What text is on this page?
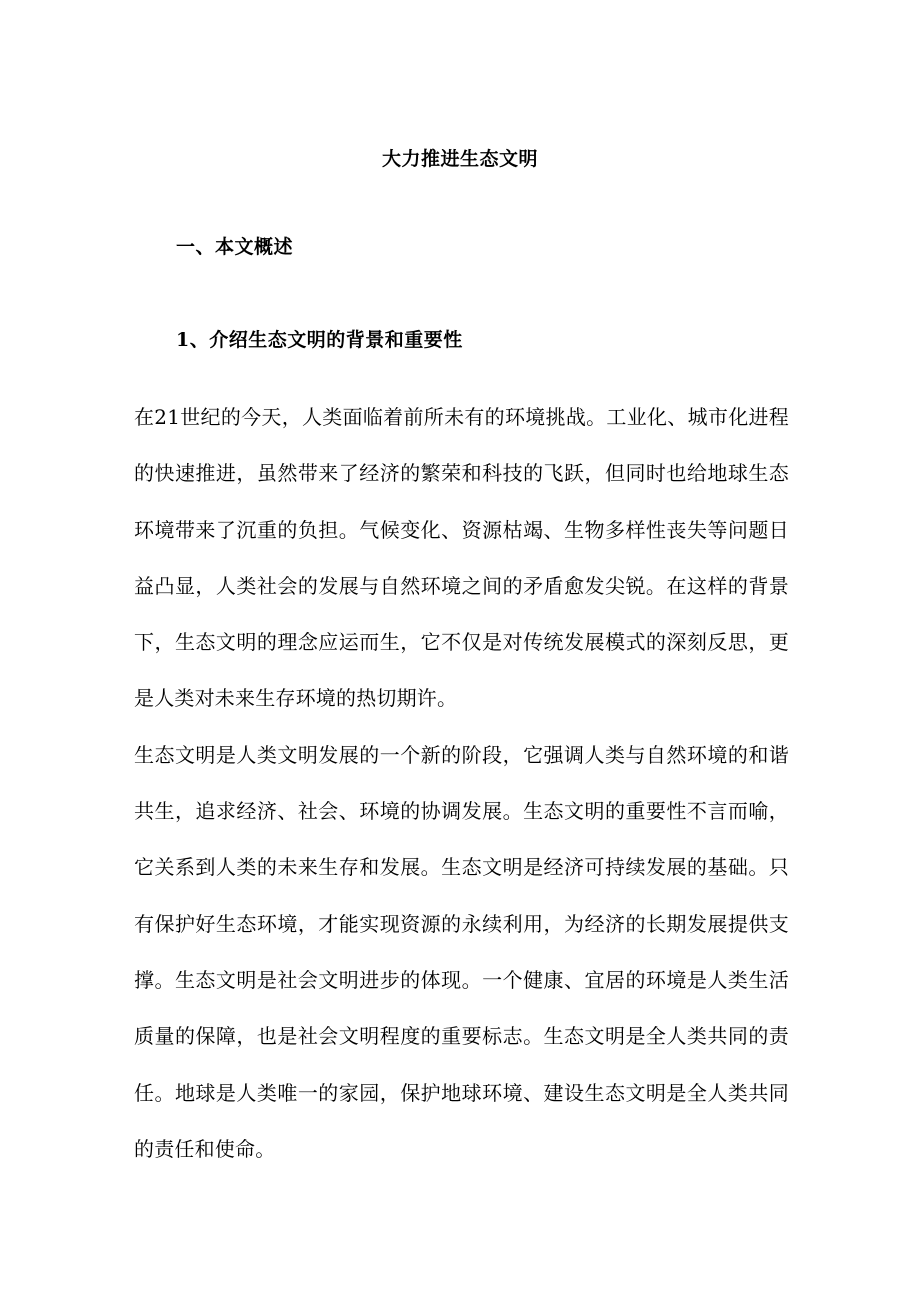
大力推进生态文明
一、本文概述
1、介绍生态文明的背景和重要性

在21世纪的今天，人类面临着前所未有的环境挑战。工业化、城市化进程的快速推进，虽然带来了经济的繁荣和科技的飞跃，但同时也给地球生态环境带来了沉重的负担。气候变化、资源枯竭、生物多样性丧失等问题日益凸显，人类社会的发展与自然环境之间的矛盾愈发尖锐。在这样的背景下，生态文明的理念应运而生，它不仅是对传统发展模式的深刻反思，更是人类对未来生存环境的热切期许。

生态文明是人类文明发展的一个新的阶段，它强调人类与自然环境的和谐共生，追求经济、社会、环境的协调发展。生态文明的重要性不言而喻，它关系到人类的未来生存和发展。生态文明是经济可持续发展的基础。只有保护好生态环境，才能实现资源的永续利用，为经济的长期发展提供支撑。生态文明是社会文明进步的体现。一个健康、宜居的环境是人类生活质量的保障，也是社会文明程度的重要标志。生态文明是全人类共同的责任。地球是人类唯一的家园，保护地球环境、建设生态文明是全人类共同的责任和使命。
